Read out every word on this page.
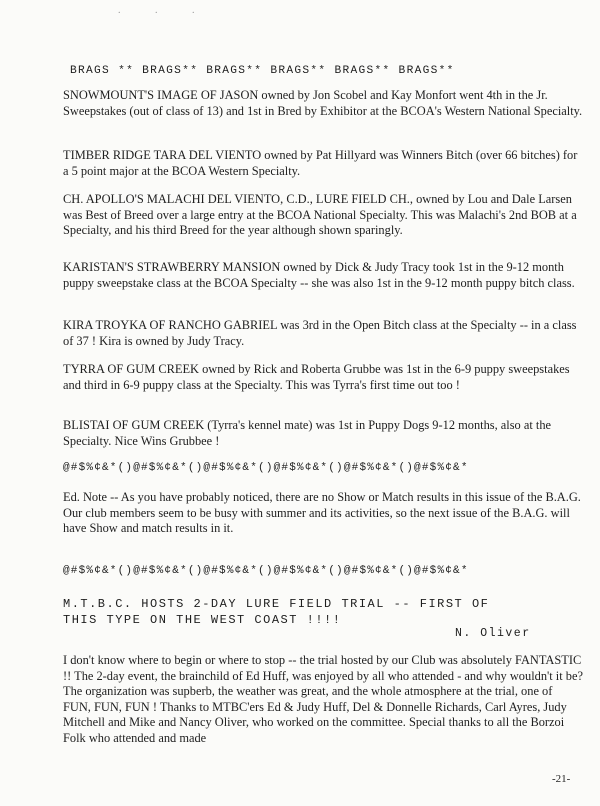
. . .
BRAGS ** BRAGS** BRAGS** BRAGS** BRAGS** BRAGS**

SNOWMOUNT'S IMAGE OF JASON owned by Jon Scobel and Kay Monfort went 4th in the Jr. Sweepstakes (out of class of 13) and 1st in Bred by Exhibitor at the BCOA's Western National Specialty.

TIMBER RIDGE TARA DEL VIENTO owned by Pat Hillyard was Winners Bitch (over 66 bitches) for a 5 point major at the BCOA Western Specialty.

CH. APOLLO'S MALACHI DEL VIENTO, C.D., LURE FIELD CH., owned by Lou and Dale Larsen was Best of Breed over a large entry at the BCOA National Specialty. This was Malachi's 2nd BOB at a Specialty, and his third Breed for the year although shown sparingly.

KARISTAN'S STRAWBERRY MANSION owned by Dick & Judy Tracy took 1st in the 9-12 month puppy sweepstake class at the BCOA Specialty -- she was also 1st in the 9-12 month puppy bitch class.

KIRA TROYKA OF RANCHO GABRIEL was 3rd in the Open Bitch class at the Specialty -- in a class of 37 ! Kira is owned by Judy Tracy.

TYRRA OF GUM CREEK owned by Rick and Roberta Grubbe was 1st in the 6-9 puppy sweepstakes and third in 6-9 puppy class at the Specialty. This was Tyrra's first time out too !

BLISTAI OF GUM CREEK (Tyrra's kennel mate) was 1st in Puppy Dogs 9-12 months, also at the Specialty. Nice Wins Grubbee !

@#$%¢&*()@#$%¢&*()@#$%¢&*()@#$%¢&*()@#$%¢&*()@#$%¢&*

Ed. Note -- As you have probably noticed, there are no Show or Match results in this issue of the B.A.G. Our club members seem to be busy with summer and its activities, so the next issue of the B.A.G. will have Show and match results in it.

@#$%¢&*()@#$%¢&*()@#$%¢&*()@#$%¢&*()@#$%¢&*()@#$%¢&*
M.T.B.C. HOSTS 2-DAY LURE FIELD TRIAL -- FIRST OF
THIS TYPE ON THE WEST COAST !!!!
N. Oliver

I don't know where to begin or where to stop -- the trial hosted by our Club was absolutely FANTASTIC !! The 2-day event, the brainchild of Ed Huff, was enjoyed by all who attended - and why wouldn't it be? The organization was supberb, the weather was great, and the whole atmosphere at the trial, one of FUN, FUN, FUN ! Thanks to MTBC'ers Ed & Judy Huff, Del & Donnelle Richards, Carl Ayres, Judy Mitchell and Mike and Nancy Oliver, who worked on the committee. Special thanks to all the Borzoi Folk who attended and made

-21-
